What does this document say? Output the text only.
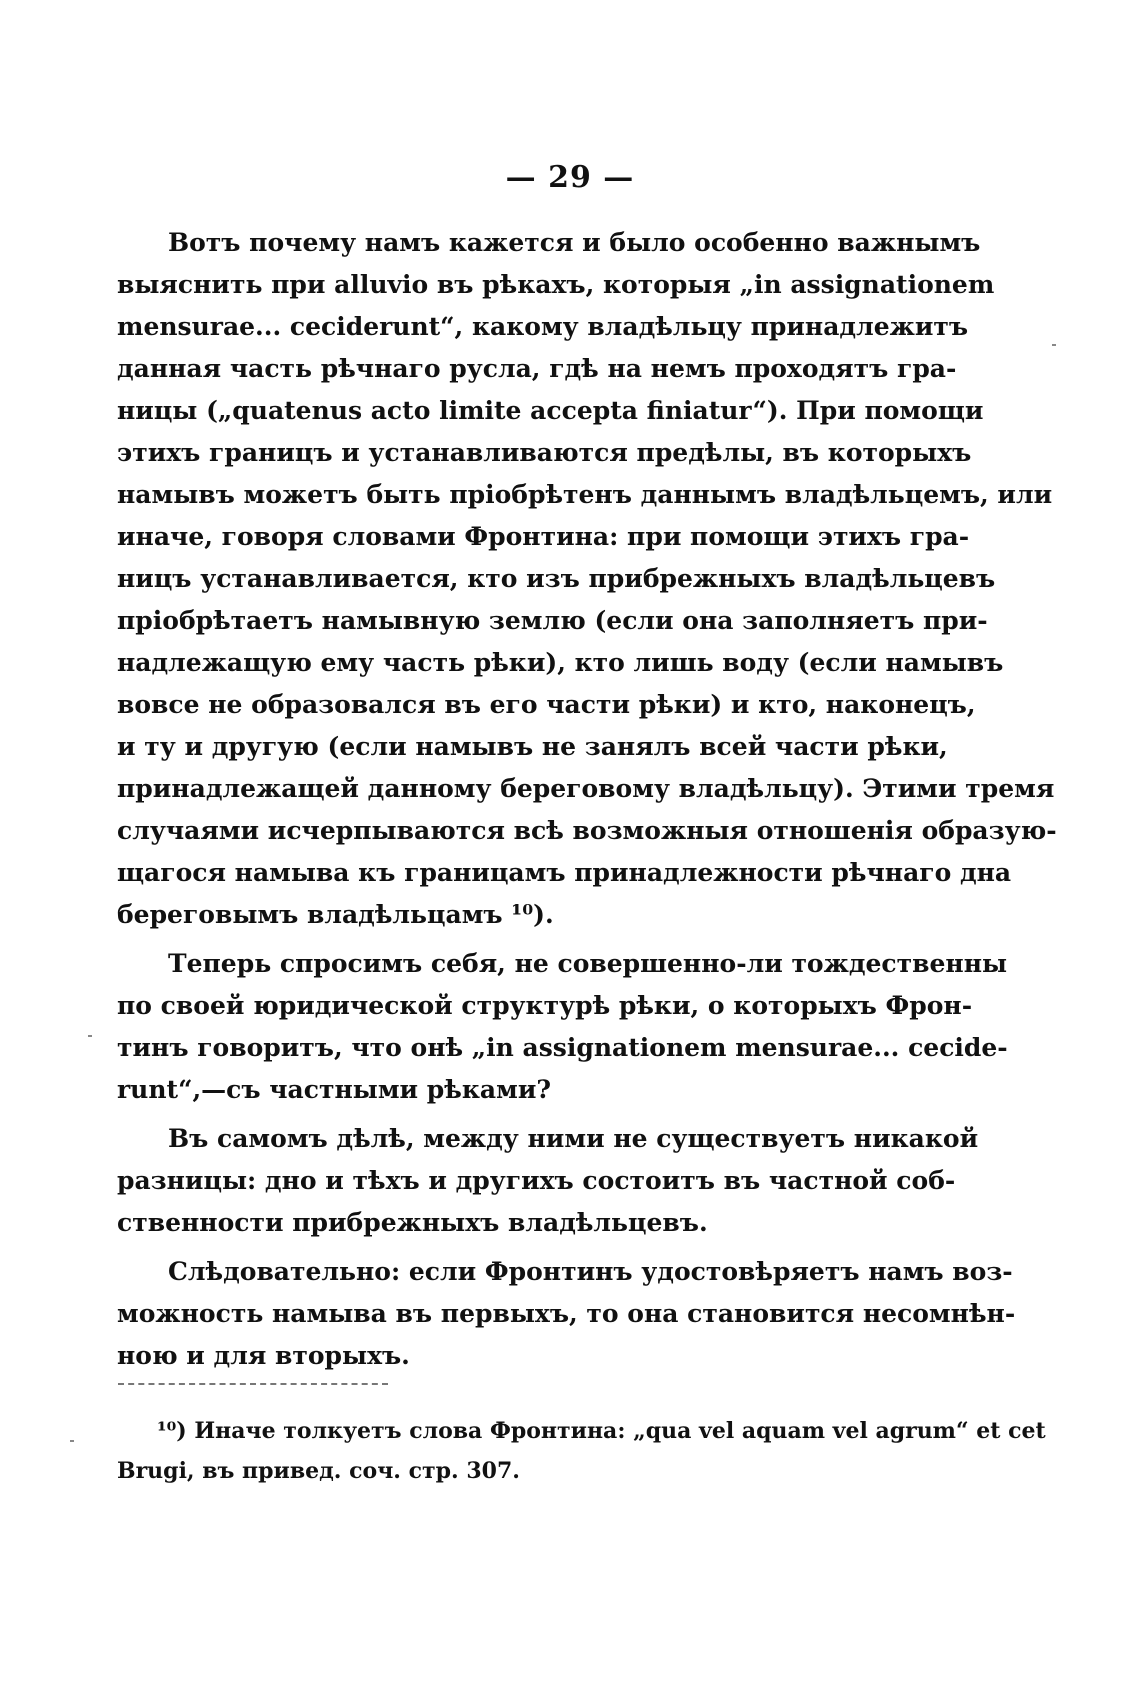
— 29 —
Вотъ почему намъ кажется и было особенно важнымъ
выяснить при alluvio въ рѣкахъ, которыя „in assignationem
mensurae... ceciderunt“, какому владѣльцу принадлежитъ
данная часть рѣчнаго русла, гдѣ на немъ проходятъ гра-
ницы („quatenus acto limite accepta finiatur“). При помощи
этихъ границъ и устанавливаются предѣлы, въ которыхъ
намывъ можетъ быть пріобрѣтенъ даннымъ владѣльцемъ, или
иначе, говоря словами Фронтина: при помощи этихъ гра-
ницъ устанавливается, кто изъ прибрежныхъ владѣльцевъ
пріобрѣтаетъ намывную землю (если она заполняетъ при-
надлежащую ему часть рѣки), кто лишь воду (если намывъ
вовсе не образовался въ его части рѣки) и кто, наконецъ,
и ту и другую (если намывъ не занялъ всей части рѣки,
принадлежащей данному береговому владѣльцу). Этими тремя
случаями исчерпываются всѣ возможныя отношенія образую-
щагося намыва къ границамъ принадлежности рѣчнаго дна
береговымъ владѣльцамъ ¹⁰).
Теперь спросимъ себя, не совершенно-ли тождественны
по своей юридической структурѣ рѣки, о которыхъ Фрон-
тинъ говоритъ, что онѣ „in assignationem mensurae... cecide-
runt“,—съ частными рѣками?
Въ самомъ дѣлѣ, между ними не существуетъ никакой
разницы: дно и тѣхъ и другихъ состоитъ въ частной соб-
ственности прибрежныхъ владѣльцевъ.
Слѣдовательно: если Фронтинъ удостовѣряетъ намъ воз-
можность намыва въ первыхъ, то она становится несомнѣн-
ною и для вторыхъ.
¹⁰) Иначе толкуетъ слова Фронтина: „qua vel aquam vel agrum“ et cet
Brugi, въ привед. соч. стр. 307.
